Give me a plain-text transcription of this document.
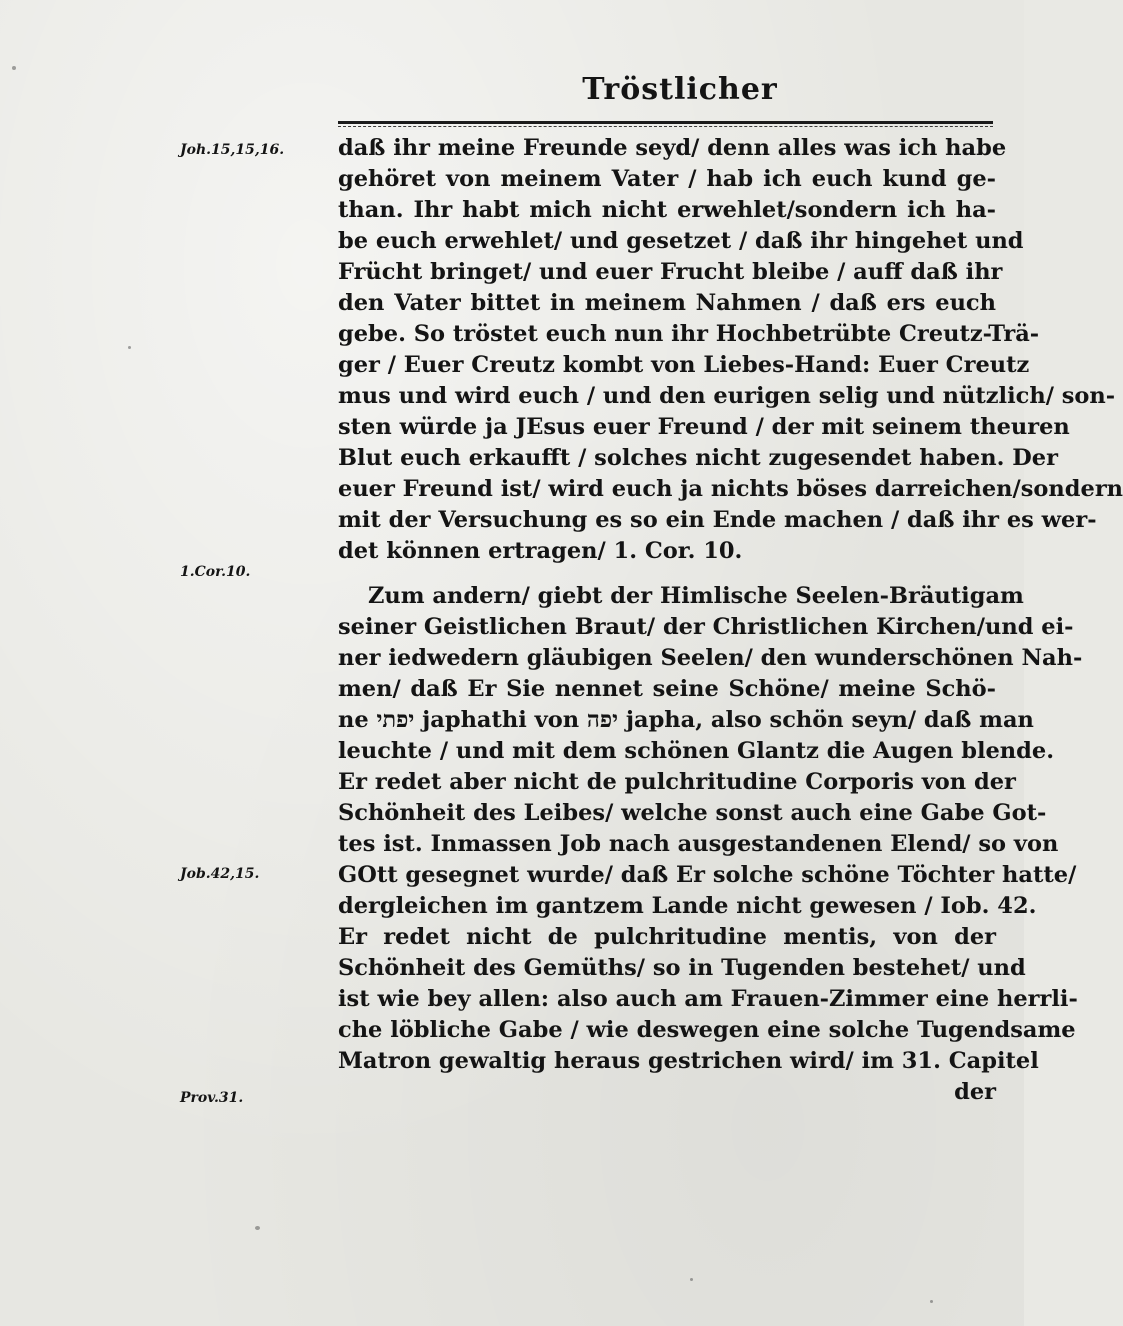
Tröstlicher
Joh.15,15,16.
1.Cor.10.
Job.42,15.
Prov.31.
daß ihr meine Freunde seyd/ denn alles was ich habe
gehöret von meinem Vater / hab ich euch kund ge-
than. Ihr habt mich nicht erwehlet/sondern ich ha-
be euch erwehlet/ und gesetzet / daß ihr hingehet und
Frücht bringet/ und euer Frucht bleibe / auff daß ihr
den Vater bittet in meinem Nahmen / daß ers euch
gebe. So tröstet euch nun ihr Hochbetrübte Creutz-Trä-
ger / Euer Creutz kombt von Liebes-Hand: Euer Creutz
mus und wird euch / und den eurigen selig und nützlich/ son-
sten würde ja JEsus euer Freund / der mit seinem theuren
Blut euch erkaufft / solches nicht zugesendet haben. Der
euer Freund ist/ wird euch ja nichts böses darreichen/sondern
mit der Versuchung es so ein Ende machen / daß ihr es wer-
det können ertragen/ 1. Cor. 10.
Zum andern/ giebt der Himlische Seelen-Bräutigam
seiner Geistlichen Braut/ der Christlichen Kirchen/und ei-
ner iedwedern gläubigen Seelen/ den wunderschönen Nah-
men/ daß Er Sie nennet seine Schöne/ meine Schö-
ne יפתי japhathi von יפה japha, also schön seyn/ daß man
leuchte / und mit dem schönen Glantz die Augen blende.
Er redet aber nicht de pulchritudine Corporis von der
Schönheit des Leibes/ welche sonst auch eine Gabe Got-
tes ist. Inmassen Job nach ausgestandenen Elend/ so von
GOtt gesegnet wurde/ daß Er solche schöne Töchter hatte/
dergleichen im gantzem Lande nicht gewesen / Iob. 42.
Er redet nicht de pulchritudine mentis, von der
Schönheit des Gemüths/ so in Tugenden bestehet/ und
ist wie bey allen: also auch am Frauen-Zimmer eine herrli-
che löbliche Gabe / wie deswegen eine solche Tugendsame
Matron gewaltig heraus gestrichen wird/ im 31. Capitel
der
